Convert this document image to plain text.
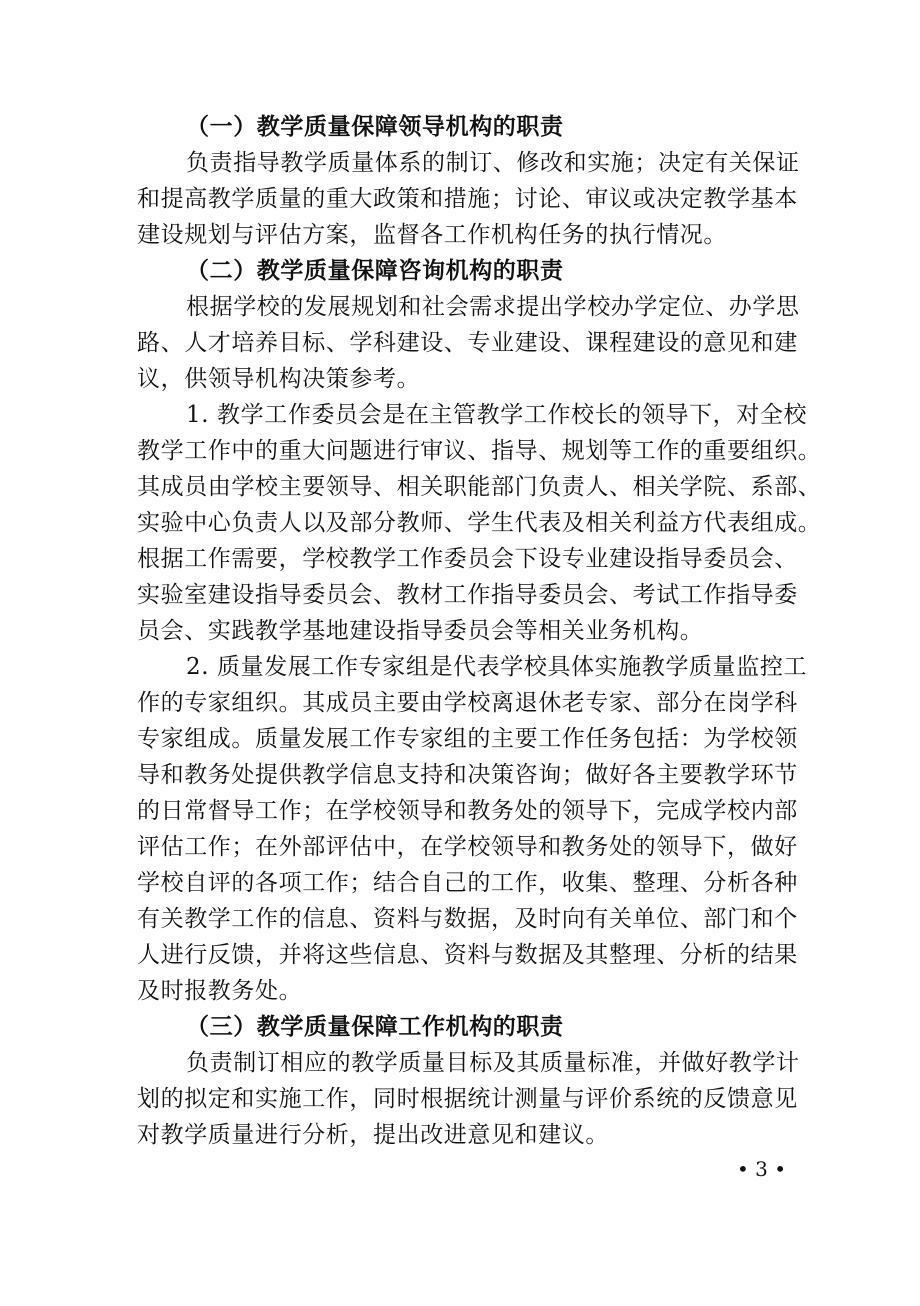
（一）教学质量保障领导机构的职责
负责指导教学质量体系的制订、修改和实施；决定有关保证
和提高教学质量的重大政策和措施；讨论、审议或决定教学基本
建设规划与评估方案，监督各工作机构任务的执行情况。
（二）教学质量保障咨询机构的职责
根据学校的发展规划和社会需求提出学校办学定位、办学思
路、人才培养目标、学科建设、专业建设、课程建设的意见和建
议，供领导机构决策参考。
1. 教学工作委员会是在主管教学工作校长的领导下，对全校
教学工作中的重大问题进行审议、指导、规划等工作的重要组织。
其成员由学校主要领导、相关职能部门负责人、相关学院、系部、
实验中心负责人以及部分教师、学生代表及相关利益方代表组成。
根据工作需要，学校教学工作委员会下设专业建设指导委员会、
实验室建设指导委员会、教材工作指导委员会、考试工作指导委
员会、实践教学基地建设指导委员会等相关业务机构。
2. 质量发展工作专家组是代表学校具体实施教学质量监控工
作的专家组织。其成员主要由学校离退休老专家、部分在岗学科
专家组成。质量发展工作专家组的主要工作任务包括：为学校领
导和教务处提供教学信息支持和决策咨询；做好各主要教学环节
的日常督导工作；在学校领导和教务处的领导下，完成学校内部
评估工作；在外部评估中，在学校领导和教务处的领导下，做好
学校自评的各项工作；结合自己的工作，收集、整理、分析各种
有关教学工作的信息、资料与数据，及时向有关单位、部门和个
人进行反馈，并将这些信息、资料与数据及其整理、分析的结果
及时报教务处。
（三）教学质量保障工作机构的职责
负责制订相应的教学质量目标及其质量标准，并做好教学计
划的拟定和实施工作，同时根据统计测量与评价系统的反馈意见
对教学质量进行分析，提出改进意见和建议。
• 3 •
